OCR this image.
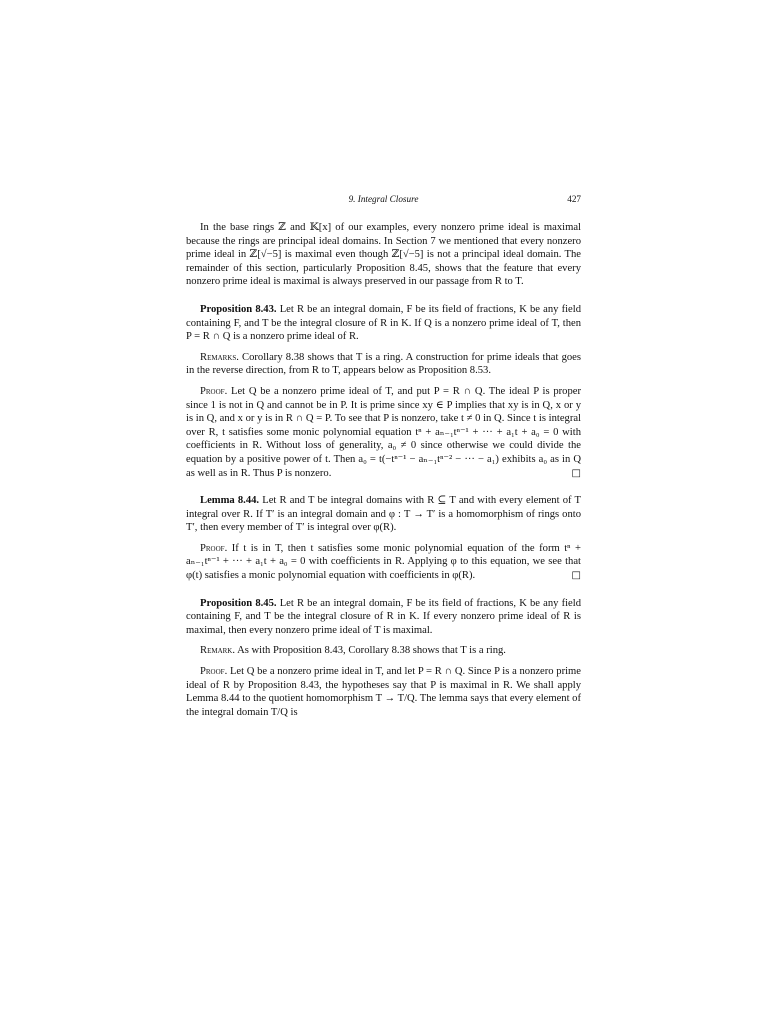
9. Integral Closure	427

In the base rings ℤ and 𝕂[x] of our examples, every nonzero prime ideal is maximal because the rings are principal ideal domains. In Section 7 we mentioned that every nonzero prime ideal in ℤ[√−5] is maximal even though ℤ[√−5] is not a principal ideal domain. The remainder of this section, particularly Proposition 8.45, shows that the feature that every nonzero prime ideal is maximal is always preserved in our passage from R to T.

Proposition 8.43. Let R be an integral domain, F be its field of fractions, K be any field containing F, and T be the integral closure of R in K. If Q is a nonzero prime ideal of T, then P = R ∩ Q is a nonzero prime ideal of R.

Remarks. Corollary 8.38 shows that T is a ring. A construction for prime ideals that goes in the reverse direction, from R to T, appears below as Proposition 8.53.

Proof. Let Q be a nonzero prime ideal of T, and put P = R ∩ Q. The ideal P is proper since 1 is not in Q and cannot be in P. It is prime since xy ∈ P implies that xy is in Q, x or y is in Q, and x or y is in R ∩ Q = P. To see that P is nonzero, take t ≠ 0 in Q. Since t is integral over R, t satisfies some monic polynomial equation tⁿ + aₙ₋₁tⁿ⁻¹ + ··· + a₁t + a₀ = 0 with coefficients in R. Without loss of generality, a₀ ≠ 0 since otherwise we could divide the equation by a positive power of t. Then a₀ = t(−tⁿ⁻¹ − aₙ₋₁tⁿ⁻² − ··· − a₁) exhibits a₀ as in Q as well as in R. Thus P is nonzero.	□

Lemma 8.44. Let R and T be integral domains with R ⊆ T and with every element of T integral over R. If T′ is an integral domain and φ : T → T′ is a homomorphism of rings onto T′, then every member of T′ is integral over φ(R).

Proof. If t is in T, then t satisfies some monic polynomial equation of the form tⁿ + aₙ₋₁tⁿ⁻¹ + ··· + a₁t + a₀ = 0 with coefficients in R. Applying φ to this equation, we see that φ(t) satisfies a monic polynomial equation with coefficients in φ(R).	□

Proposition 8.45. Let R be an integral domain, F be its field of fractions, K be any field containing F, and T be the integral closure of R in K. If every nonzero prime ideal of R is maximal, then every nonzero prime ideal of T is maximal.

Remark. As with Proposition 8.43, Corollary 8.38 shows that T is a ring.

Proof. Let Q be a nonzero prime ideal in T, and let P = R ∩ Q. Since P is a nonzero prime ideal of R by Proposition 8.43, the hypotheses say that P is maximal in R. We shall apply Lemma 8.44 to the quotient homomorphism T → T/Q. The lemma says that every element of the integral domain T/Q is
